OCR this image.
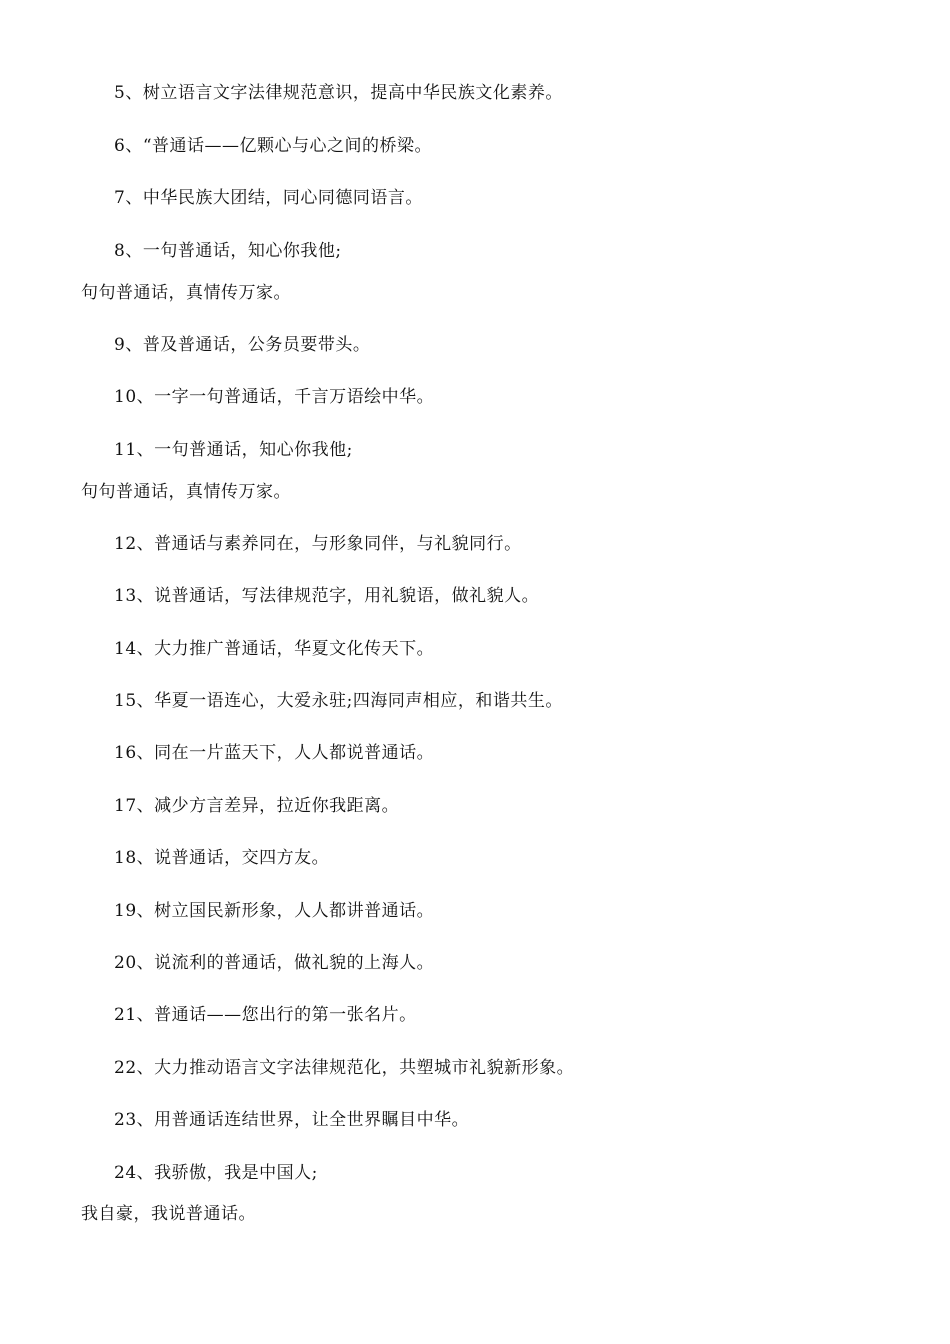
5、树立语言文字法律规范意识，提高中华民族文化素养。
6、“普通话——亿颗心与心之间的桥梁。
7、中华民族大团结，同心同德同语言。
8、一句普通话，知心你我他;
句句普通话，真情传万家。
9、普及普通话，公务员要带头。
10、一字一句普通话，千言万语绘中华。
11、一句普通话，知心你我他;
句句普通话，真情传万家。
12、普通话与素养同在，与形象同伴，与礼貌同行。
13、说普通话，写法律规范字，用礼貌语，做礼貌人。
14、大力推广普通话，华夏文化传天下。
15、华夏一语连心，大爱永驻;四海同声相应，和谐共生。
16、同在一片蓝天下，人人都说普通话。
17、减少方言差异，拉近你我距离。
18、说普通话，交四方友。
19、树立国民新形象，人人都讲普通话。
20、说流利的普通话，做礼貌的上海人。
21、普通话——您出行的第一张名片。
22、大力推动语言文字法律规范化，共塑城市礼貌新形象。
23、用普通话连结世界，让全世界瞩目中华。
24、我骄傲，我是中国人;
我自豪，我说普通话。
